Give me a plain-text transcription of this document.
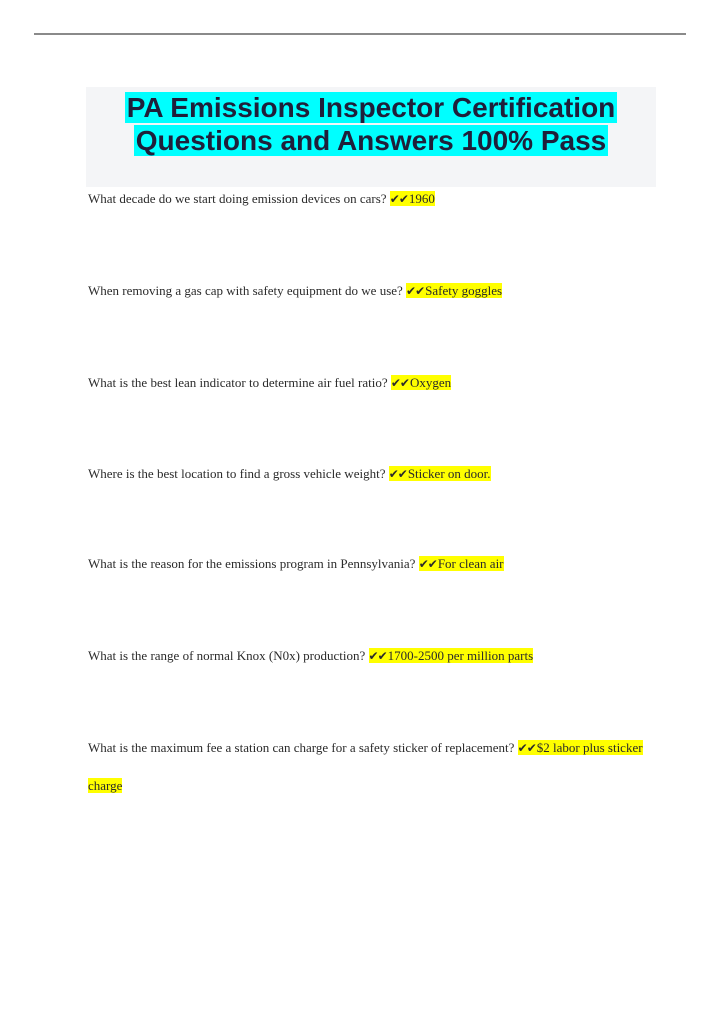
PA Emissions Inspector Certification
Questions and Answers 100% Pass
What decade do we start doing emission devices on cars? ✔✔1960
When removing a gas cap with safety equipment do we use? ✔✔Safety goggles
What is the best lean indicator to determine air fuel ratio? ✔✔Oxygen
Where is the best location to find a gross vehicle weight? ✔✔Sticker on door.
What is the reason for the emissions program in Pennsylvania? ✔✔For clean air
What is the range of normal Knox (N0x) production? ✔✔1700-2500 per million parts
What is the maximum fee a station can charge for a safety sticker of replacement? ✔✔$2 labor plus sticker charge
